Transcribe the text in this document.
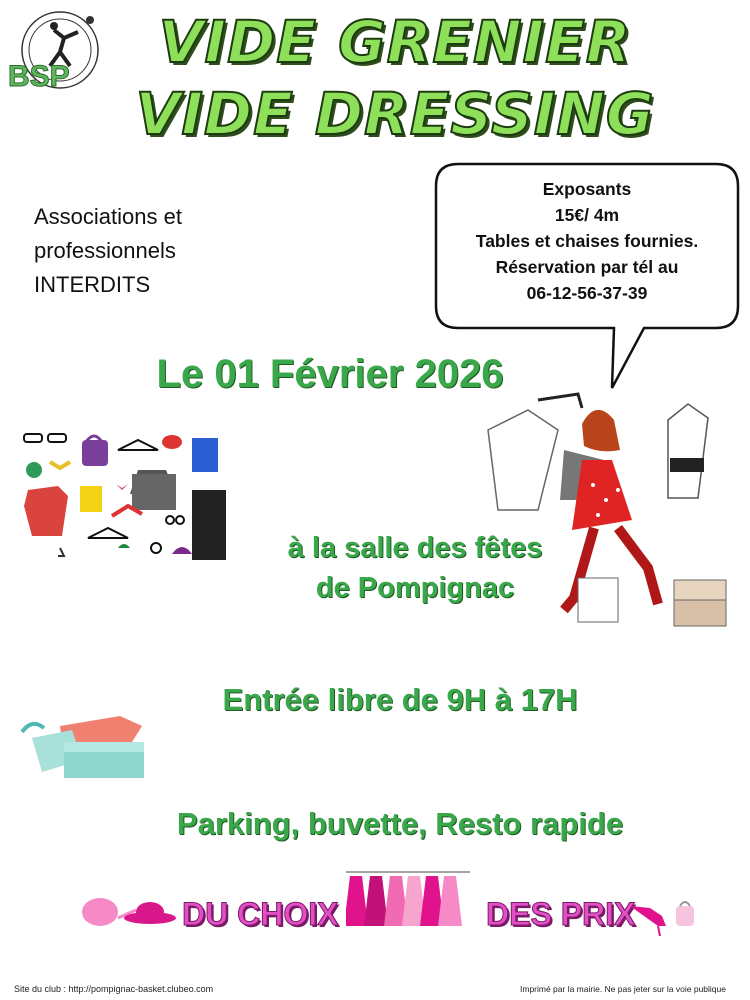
BSP
VIDE GRENIER
VIDE DRESSING
Associations et
professionnels
INTERDITS
Exposants
15€/ 4m
Tables et chaises fournies.
Réservation par tél au
06-12-56-37-39
Le 01 Février 2026
à la salle des fêtes
de Pompignac
Entrée libre de 9H à 17H
Parking, buvette, Resto rapide
DU CHOIX	DES PRIX
Site du club : http://pompignac-basket.clubeo.com	Imprimé par la mairie. Ne pas jeter sur la voie publique
